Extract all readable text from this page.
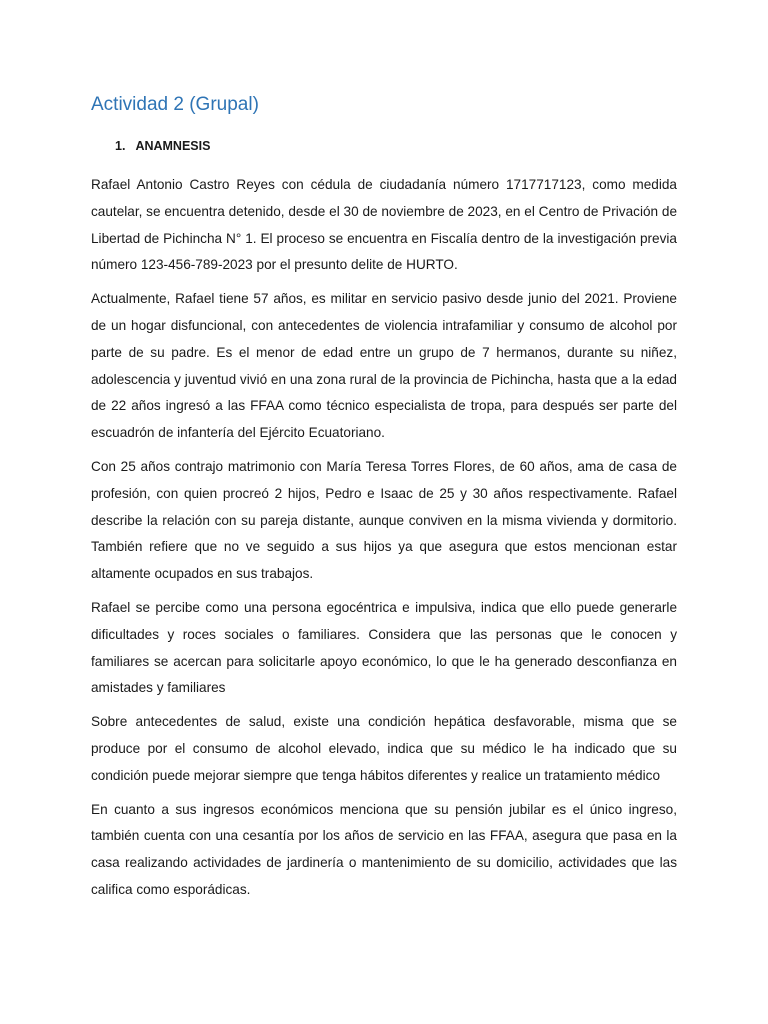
Actividad 2 (Grupal)
1. ANAMNESIS

Rafael Antonio Castro Reyes con cédula de ciudadanía número 1717717123, como medida cautelar, se encuentra detenido, desde el 30 de noviembre de 2023, en el Centro de Privación de Libertad de Pichincha N° 1. El proceso se encuentra en Fiscalía dentro de la investigación previa número 123-456-789-2023 por el presunto delite de HURTO.

Actualmente, Rafael tiene 57 años, es militar en servicio pasivo desde junio del 2021. Proviene de un hogar disfuncional, con antecedentes de violencia intrafamiliar y consumo de alcohol por parte de su padre. Es el menor de edad entre un grupo de 7 hermanos, durante su niñez, adolescencia y juventud vivió en una zona rural de la provincia de Pichincha, hasta que a la edad de 22 años ingresó a las FFAA como técnico especialista de tropa, para después ser parte del escuadrón de infantería del Ejército Ecuatoriano.

Con 25 años contrajo matrimonio con María Teresa Torres Flores, de 60 años, ama de casa de profesión, con quien procreó 2 hijos, Pedro e Isaac de 25 y 30 años respectivamente. Rafael describe la relación con su pareja distante, aunque conviven en la misma vivienda y dormitorio. También refiere que no ve seguido a sus hijos ya que asegura que estos mencionan estar altamente ocupados en sus trabajos.

Rafael se percibe como una persona egocéntrica e impulsiva, indica que ello puede generarle dificultades y roces sociales o familiares. Considera que las personas que le conocen y familiares se acercan para solicitarle apoyo económico, lo que le ha generado desconfianza en amistades y familiares

Sobre antecedentes de salud, existe una condición hepática desfavorable, misma que se produce por el consumo de alcohol elevado, indica que su médico le ha indicado que su condición puede mejorar siempre que tenga hábitos diferentes y realice un tratamiento médico

En cuanto a sus ingresos económicos menciona que su pensión jubilar es el único ingreso, también cuenta con una cesantía por los años de servicio en las FFAA, asegura que pasa en la casa realizando actividades de jardinería o mantenimiento de su domicilio, actividades que las califica como esporádicas.
